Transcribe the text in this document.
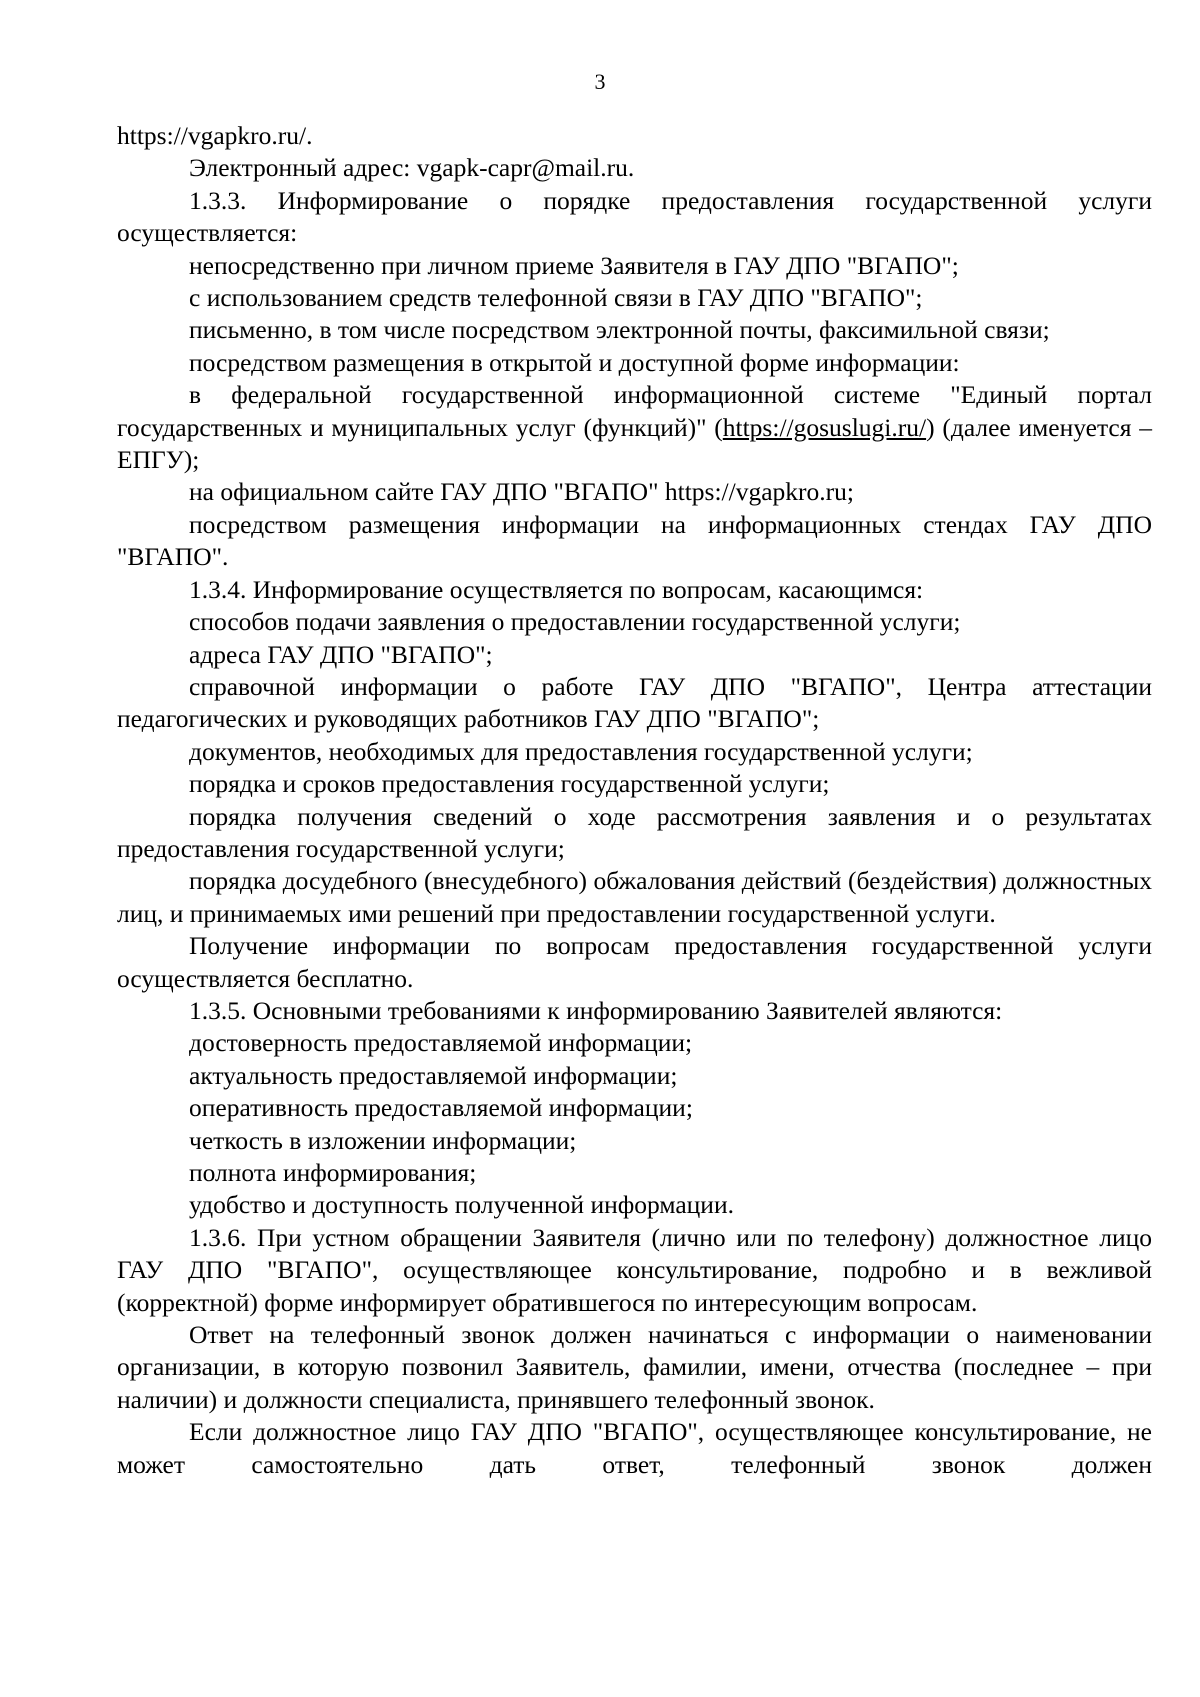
3

https://vgapkro.ru/.

Электронный адрес: vgapk-capr@mail.ru.

1.3.3. Информирование о порядке предоставления государственной услуги осуществляется:

непосредственно при личном приеме Заявителя в ГАУ ДПО "ВГАПО";

с использованием средств телефонной связи в ГАУ ДПО "ВГАПО";

письменно, в том числе посредством электронной почты, факсимильной связи;

посредством размещения в открытой и доступной форме информации:

в федеральной государственной информационной системе "Единый портал государственных и муниципальных услуг (функций)" (https://gosuslugi.ru/) (далее именуется – ЕПГУ);

на официальном сайте ГАУ ДПО "ВГАПО" https://vgapkro.ru;

посредством размещения информации на информационных стендах ГАУ ДПО "ВГАПО".

1.3.4. Информирование осуществляется по вопросам, касающимся:

способов подачи заявления о предоставлении государственной услуги;

адреса ГАУ ДПО "ВГАПО";

справочной информации о работе ГАУ ДПО "ВГАПО", Центра аттестации педагогических и руководящих работников ГАУ ДПО "ВГАПО";

документов, необходимых для предоставления государственной услуги;

порядка и сроков предоставления государственной услуги;

порядка получения сведений о ходе рассмотрения заявления и о результатах предоставления государственной услуги;

порядка досудебного (внесудебного) обжалования действий (бездействия) должностных лиц, и принимаемых ими решений при предоставлении государственной услуги.

Получение информации по вопросам предоставления государственной услуги осуществляется бесплатно.

1.3.5. Основными требованиями к информированию Заявителей являются:

достоверность предоставляемой информации;

актуальность предоставляемой информации;

оперативность предоставляемой информации;

четкость в изложении информации;

полнота информирования;

удобство и доступность полученной информации.

1.3.6. При устном обращении Заявителя (лично или по телефону) должностное лицо ГАУ ДПО "ВГАПО", осуществляющее консультирование, подробно и в вежливой (корректной) форме информирует обратившегося по интересующим вопросам.

Ответ на телефонный звонок должен начинаться с информации о наименовании организации, в которую позвонил Заявитель, фамилии, имени, отчества (последнее – при наличии) и должности специалиста, принявшего телефонный звонок.

Если должностное лицо ГАУ ДПО "ВГАПО", осуществляющее консультирование, не может самостоятельно дать ответ, телефонный звонок должен
